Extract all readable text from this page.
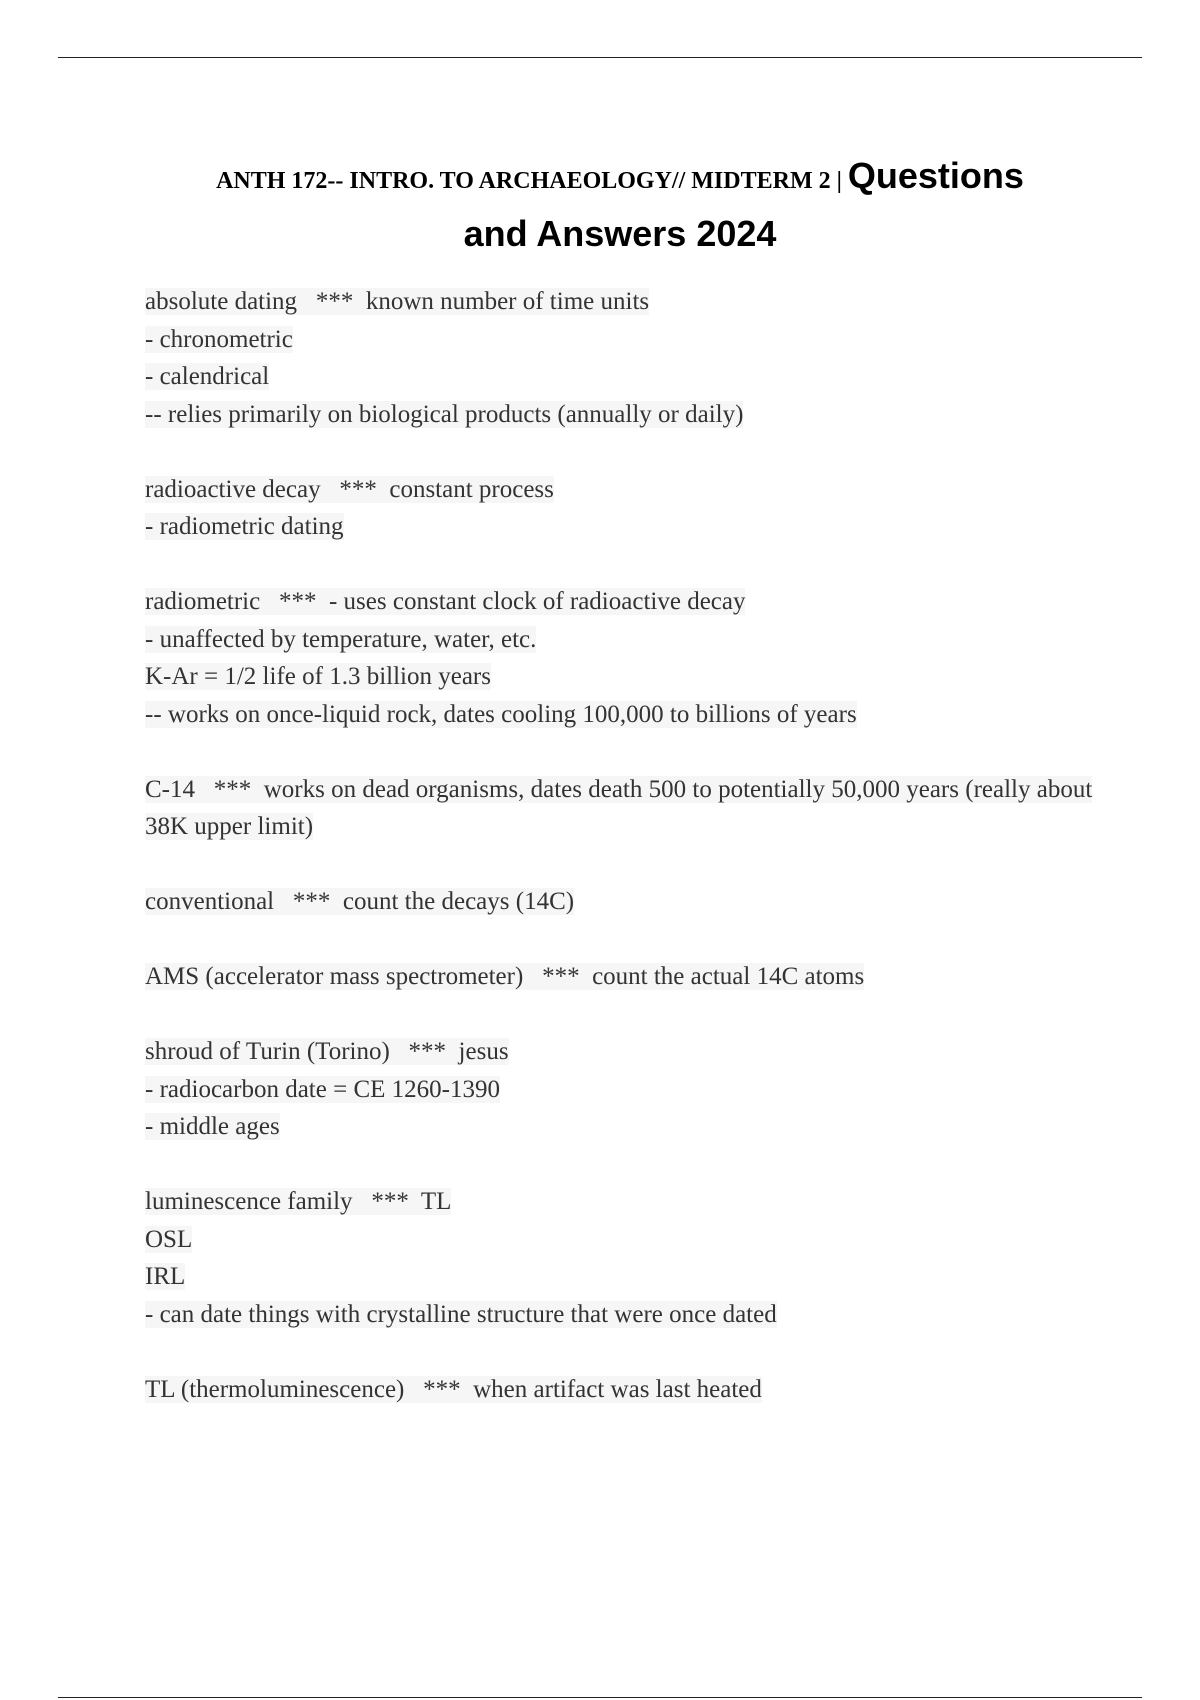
ANTH 172-- INTRO. TO ARCHAEOLOGY// MIDTERM 2 | Questions
and Answers 2024
absolute dating *** known number of time units
- chronometric
- calendrical
-- relies primarily on biological products (annually or daily)
radioactive decay *** constant process
- radiometric dating
radiometric *** - uses constant clock of radioactive decay
- unaffected by temperature, water, etc.
K-Ar = 1/2 life of 1.3 billion years
-- works on once-liquid rock, dates cooling 100,000 to billions of years
C-14 *** works on dead organisms, dates death 500 to potentially 50,000 years (really about 38K upper limit)
conventional *** count the decays (14C)
AMS (accelerator mass spectrometer) *** count the actual 14C atoms
shroud of Turin (Torino) *** jesus
- radiocarbon date = CE 1260-1390
- middle ages
luminescence family *** TL
OSL
IRL
- can date things with crystalline structure that were once dated
TL (thermoluminescence) *** when artifact was last heated
